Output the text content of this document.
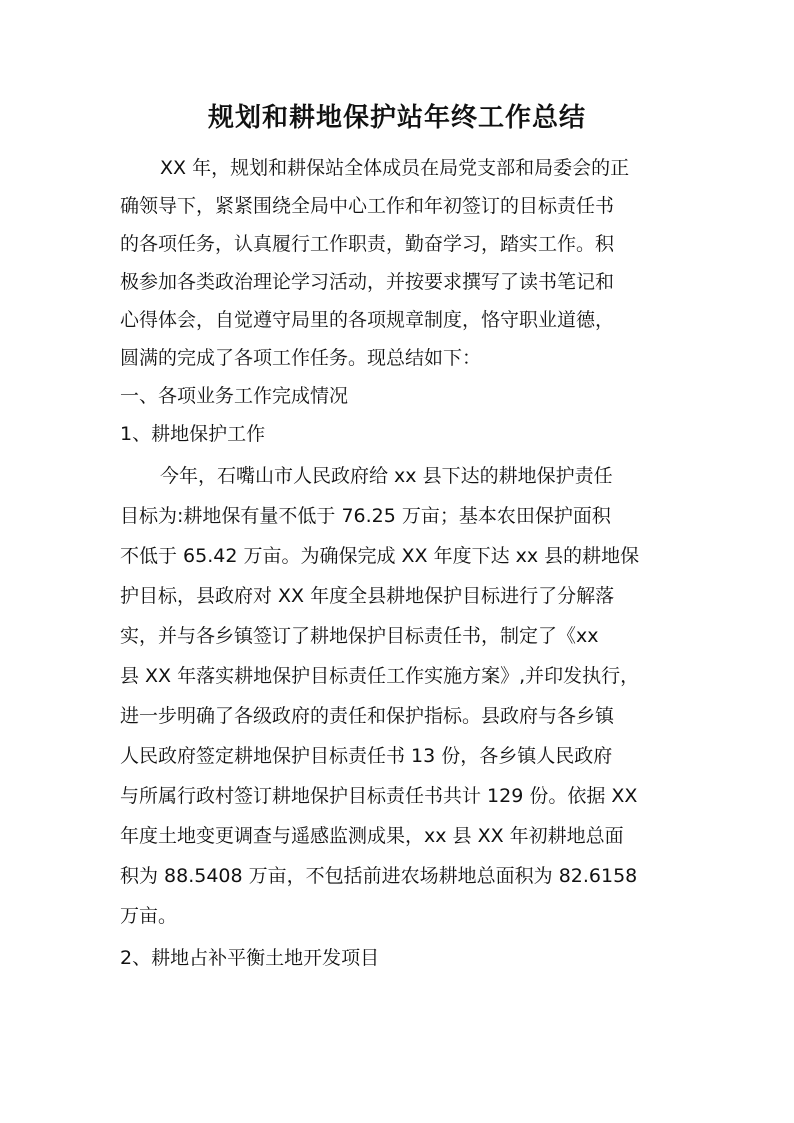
规划和耕地保护站年终工作总结

XX 年，规划和耕保站全体成员在局党支部和局委会的正

确领导下，紧紧围绕全局中心工作和年初签订的目标责任书

的各项任务，认真履行工作职责，勤奋学习，踏实工作。积

极参加各类政治理论学习活动，并按要求撰写了读书笔记和

心得体会，自觉遵守局里的各项规章制度，恪守职业道德，

圆满的完成了各项工作任务。现总结如下：

一、各项业务工作完成情况

1、耕地保护工作

今年，石嘴山市人民政府给 xx 县下达的耕地保护责任

目标为:耕地保有量不低于 76.25 万亩；基本农田保护面积

不低于 65.42 万亩。为确保完成 XX 年度下达 xx 县的耕地保

护目标，县政府对 XX 年度全县耕地保护目标进行了分解落

实，并与各乡镇签订了耕地保护目标责任书，制定了《xx

县 XX 年落实耕地保护目标责任工作实施方案》,并印发执行，

进一步明确了各级政府的责任和保护指标。县政府与各乡镇

人民政府签定耕地保护目标责任书 13 份，各乡镇人民政府

与所属行政村签订耕地保护目标责任书共计 129 份。依据 XX

年度土地变更调查与遥感监测成果，xx 县 XX 年初耕地总面

积为 88.5408 万亩，不包括前进农场耕地总面积为 82.6158

万亩。

2、耕地占补平衡土地开发项目
